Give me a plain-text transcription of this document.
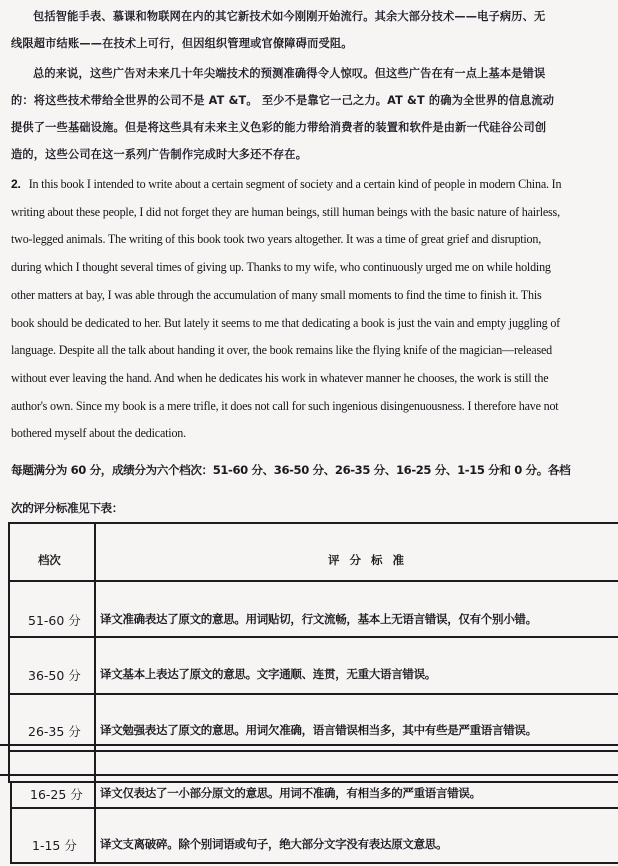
包括智能手表、慕课和物联网在内的其它新技术如今刚刚开始流行。其余大部分技术——电子病历、无
线限超市结账——在技术上可行，但因组织管理或官僚障碍而受阻。
总的来说，这些广告对未来几十年尖端技术的预测准确得令人惊叹。但这些广告在有一点上基本是错误
的：将这些技术带给全世界的公司不是 AT &T。 至少不是靠它一己之力。AT &T 的确为全世界的信息流动
提供了一些基础设施。但是将这些具有未来主义色彩的能力带给消费者的装置和软件是由新一代硅谷公司创
造的，这些公司在这一系列广告制作完成时大多还不存在。
2. In this book I intended to write about a certain segment of society and a certain kind of people in modern China. In
writing about these people, I did not forget they are human beings, still human beings with the basic nature of hairless,
two-legged animals. The writing of this book took two years altogether. It was a time of great grief and disruption,
during which I thought several times of giving up. Thanks to my wife, who continuously urged me on while holding
other matters at bay, I was able through the accumulation of many small moments to find the time to finish it. This
book should be dedicated to her. But lately it seems to me that dedicating a book is just the vain and empty juggling of
language. Despite all the talk about handing it over, the book remains like the flying knife of the magician—released
without ever leaving the hand. And when he dedicates his work in whatever manner he chooses, the work is still the
author's own. Since my book is a mere trifle, it does not call for such ingenious disingenuousness. I therefore have not
bothered myself about the dedication.
每题满分为 60 分，成绩分为六个档次：51-60 分、36-50 分、26-35 分、16-25 分、1-15 分和 0 分。各档
次的评分标准见下表：
档次	评 分 标 准
51-60 分 译文准确表达了原文的意思。用词贴切，行文流畅，基本上无语言错误，仅有个别小错。
36-50 分 译文基本上表达了原文的意思。文字通顺、连贯，无重大语言错误。
26-35 分 译文勉强表达了原文的意思。用词欠准确，语言错误相当多，其中有些是严重语言错误。
16-25 分 译文仅表达了一小部分原文的意思。用词不准确，有相当多的严重语言错误。
1-15 分 译文支离破碎。除个别词语或句子，绝大部分文字没有表达原文意思。
